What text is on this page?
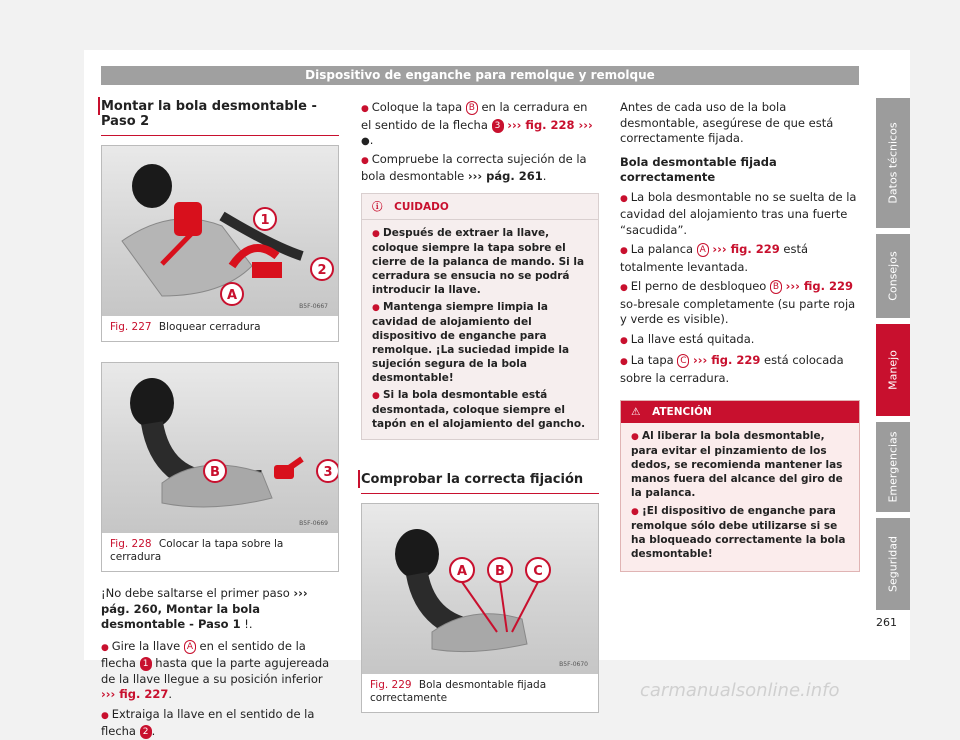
Dispositivo de enganche para remolque y remolque
Montar la bola desmontable - Paso 2
1
2
A
B5F-0667
Fig. 227 Bloquear cerradura
B	3
B5F-0669
Fig. 228 Colocar la tapa sobre la cerradura

¡No debe saltarse el primer paso ››› pág. 260, Montar la bola desmontable - Paso 1 !.

● Gire la llave A en el sentido de la flecha 1 hasta que la parte agujereada de la llave llegue a su posición inferior ››› fig. 227.

● Extraiga la llave en el sentido de la flecha 2 .

● Coloque la tapa B en la cerradura en el sentido de la flecha 3 ››› fig. 228 ››› ●.

● Compruebe la correcta sujeción de la bola desmontable ››› pág. 261.

ⓘ CUIDADO
● Después de extraer la llave, coloque siempre la tapa sobre el cierre de la palanca de mando. Si la cerradura se ensucia no se podrá introducir la llave.
● Mantenga siempre limpia la cavidad de alojamiento del dispositivo de enganche para remolque. ¡La suciedad impide la sujeción segura de la bola desmontable!
● Si la bola desmontable está desmontada, coloque siempre el tapón en el alojamiento del gancho.
Comprobar la correcta fijación
A B C
B5F-0670
Fig. 229 Bola desmontable fijada correctamente

Antes de cada uso de la bola desmontable, asegúrese de que está correctamente fijada.

Bola desmontable fijada correctamente

● La bola desmontable no se suelta de la cavidad del alojamiento tras una fuerte “sacudida”.

● La palanca A ››› fig. 229 está totalmente levantada.

● El perno de desbloqueo B ››› fig. 229 so-bresale completamente (su parte roja y verde es visible).

● La llave está quitada.

● La tapa C ››› fig. 229 está colocada sobre la cerradura.

⚠ ATENCIÓN
● Al liberar la bola desmontable, para evitar el pinzamiento de los dedos, se recomienda mantener las manos fuera del alcance del giro de la palanca.
● ¡El dispositivo de enganche para remolque sólo debe utilizarse si se ha bloqueado correctamente la bola desmontable!
Datos técnicos
Consejos
Manejo
Emergencias
Seguridad
261
carmanualsonline.info
